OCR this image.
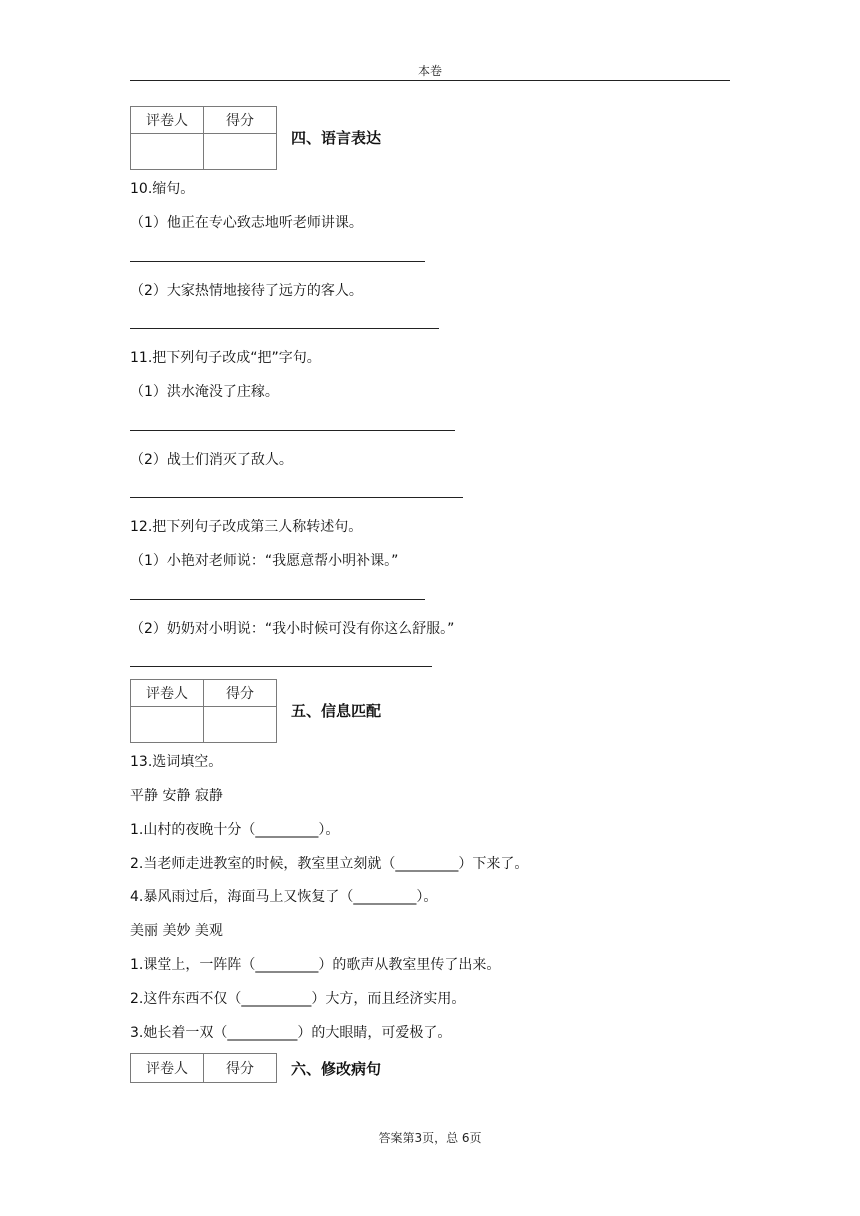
本卷
评卷人	得分

四、语言表达
10.缩句。
（1）他正在专心致志地听老师讲课。
（2）大家热情地接待了远方的客人。
11.把下列句子改成“把”字句。
（1）洪水淹没了庄稼。
（2）战士们消灭了敌人。
12.把下列句子改成第三人称转述句。
（1）小艳对老师说：“我愿意帮小明补课。”
（2）奶奶对小明说：“我小时候可没有你这么舒服。”
评卷人	得分

五、信息匹配
13.选词填空。
平静 安静 寂静
1.山村的夜晚十分（_________）。
2.当老师走进教室的时候，教室里立刻就（_________）下来了。
4.暴风雨过后，海面马上又恢复了（_________）。
美丽 美妙 美观
1.课堂上，一阵阵（_________）的歌声从教室里传了出来。
2.这件东西不仅（__________）大方，而且经济实用。
3.她长着一双（__________）的大眼睛，可爱极了。
评卷人	得分 六、修改病句
答案第3页，总 6页
